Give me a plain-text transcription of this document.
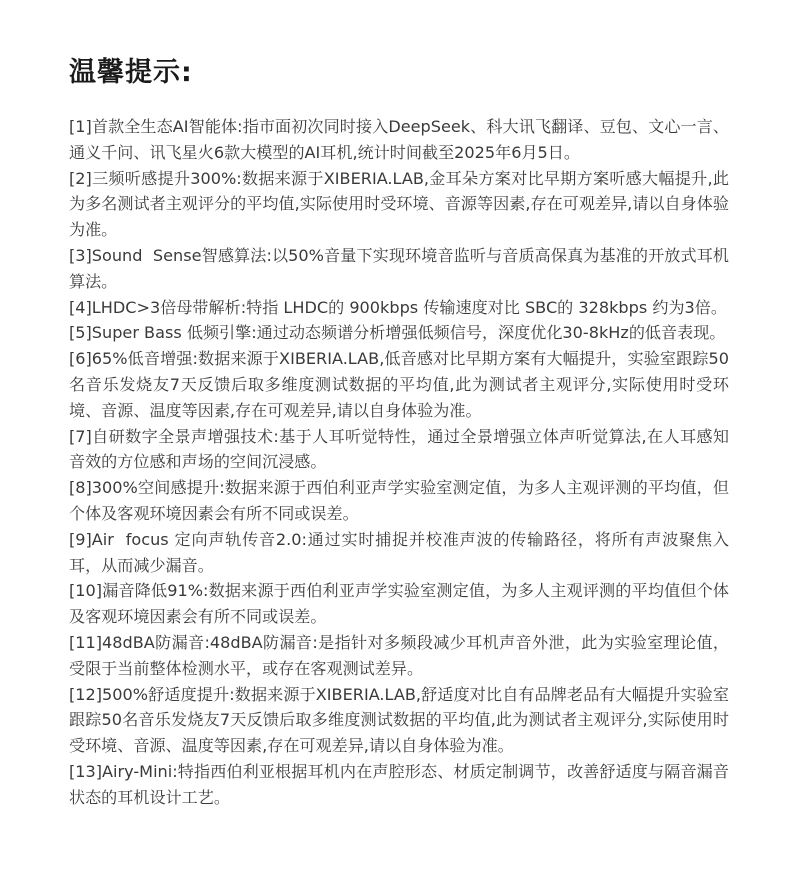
温馨提示:
[1]首款全生态AI智能体:指市面初次同时接入DeepSeek、科大讯飞翻译、豆包、文心一言、通义千问、讯飞星火6款大模型的AI耳机,统计时间截至2025年6月5日。
[2]三频听感提升300%:数据来源于XIBERIA.LAB,金耳朵方案对比早期方案听感大幅提升,此为多名测试者主观评分的平均值,实际使用时受环境、音源等因素,存在可观差异,请以自身体验为准。
[3]Sound  Sense智感算法:以50%音量下实现环境音监听与音质高保真为基准的开放式耳机算法。
[4]LHDC>3倍母带解析:特指 LHDC的 900kbps 传输速度对比 SBC的 328kbps 约为3倍。
[5]Super Bass 低频引擎:通过动态频谱分析增强低频信号，深度优化30-8kHz的低音表现。
[6]65%低音增强:数据来源于XIBERIA.LAB,低音感对比早期方案有大幅提升，实验室跟踪50名音乐发烧友7天反馈后取多维度测试数据的平均值,此为测试者主观评分,实际使用时受环境、音源、温度等因素,存在可观差异,请以自身体验为准。
[7]自研数字全景声增强技术:基于人耳听觉特性，通过全景增强立体声听觉算法,在人耳感知音效的方位感和声场的空间沉浸感。
[8]300%空间感提升:数据来源于西伯利亚声学实验室测定值，为多人主观评测的平均值，但个体及客观环境因素会有所不同或误差。
[9]Air  focus 定向声轨传音2.0:通过实时捕捉并校准声波的传输路径，将所有声波聚焦入耳，从而减少漏音。
[10]漏音降低91%:数据来源于西伯利亚声学实验室测定值，为多人主观评测的平均值但个体及客观环境因素会有所不同或误差。
[11]48dBA防漏音:48dBA防漏音:是指针对多频段减少耳机声音外泄，此为实验室理论值，受限于当前整体检测水平，或存在客观测试差异。
[12]500%舒适度提升:数据来源于XIBERIA.LAB,舒适度对比自有品牌老品有大幅提升实验室跟踪50名音乐发烧友7天反馈后取多维度测试数据的平均值,此为测试者主观评分,实际使用时受环境、音源、温度等因素,存在可观差异,请以自身体验为准。
[13]Airy-Mini:特指西伯利亚根据耳机内在声腔形态、材质定制调节，改善舒适度与隔音漏音状态的耳机设计工艺。
